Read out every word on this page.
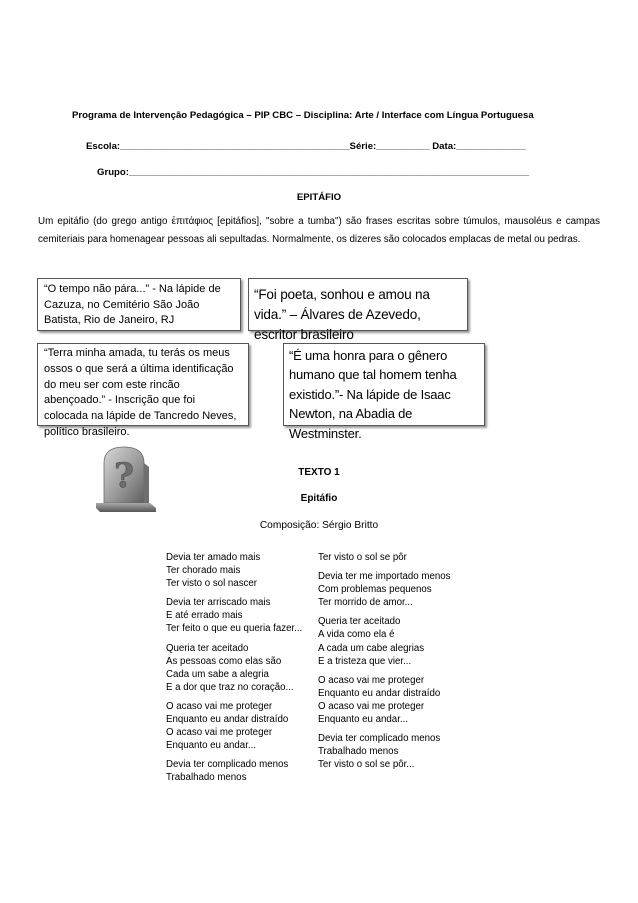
Programa de Intervenção Pedagógica – PIP CBC – Disciplina: Arte / Interface com Língua Portuguesa
Escola:___________________________________________Série:__________ Data:_____________
Grupo:___________________________________________________________________________
EPITÁFIO
Um epitáfio (do grego antigo ἐπιτάφιος [epitáfios], "sobre a tumba") são frases escritas sobre túmulos, mausoléus e campas cemiteriais para homenagear pessoas ali sepultadas. Normalmente, os dizeres são colocados emplacas de metal ou pedras.
“O tempo não pára...” - Na lápide de Cazuza, no Cemitério São João Batista, Rio de Janeiro, RJ
“Foi poeta, sonhou e amou na vida.” – Álvares de Azevedo, escritor brasileiro
“Terra minha amada, tu terás os meus ossos o que será a última identificação do meu ser com este rincão abençoado.” - Inscrição que foi colocada na lápide de Tancredo Neves, político brasileiro.
“É uma honra para o gênero humano que tal homem tenha existido.”- Na lápide de Isaac Newton, na Abadia de Westminster.
?	TEXTO 1
Epitáfio
Composição: Sérgio Britto
Devia ter amado mais
Ter chorado mais
Ter visto o sol nascer
Devia ter arriscado mais
E até errado mais
Ter feito o que eu queria fazer...
Queria ter aceitado
As pessoas como elas são
Cada um sabe a alegria
E a dor que traz no coração...
O acaso vai me proteger
Enquanto eu andar distraído
O acaso vai me proteger
Enquanto eu andar...
Devia ter complicado menos
Trabalhado menos
Ter visto o sol se pôr
Devia ter me importado menos
Com problemas pequenos
Ter morrido de amor...
Queria ter aceitado
A vida como ela é
A cada um cabe alegrias
E a tristeza que vier...
O acaso vai me proteger
Enquanto eu andar distraído
O acaso vai me proteger
Enquanto eu andar...
Devia ter complicado menos
Trabalhado menos
Ter visto o sol se pôr...
